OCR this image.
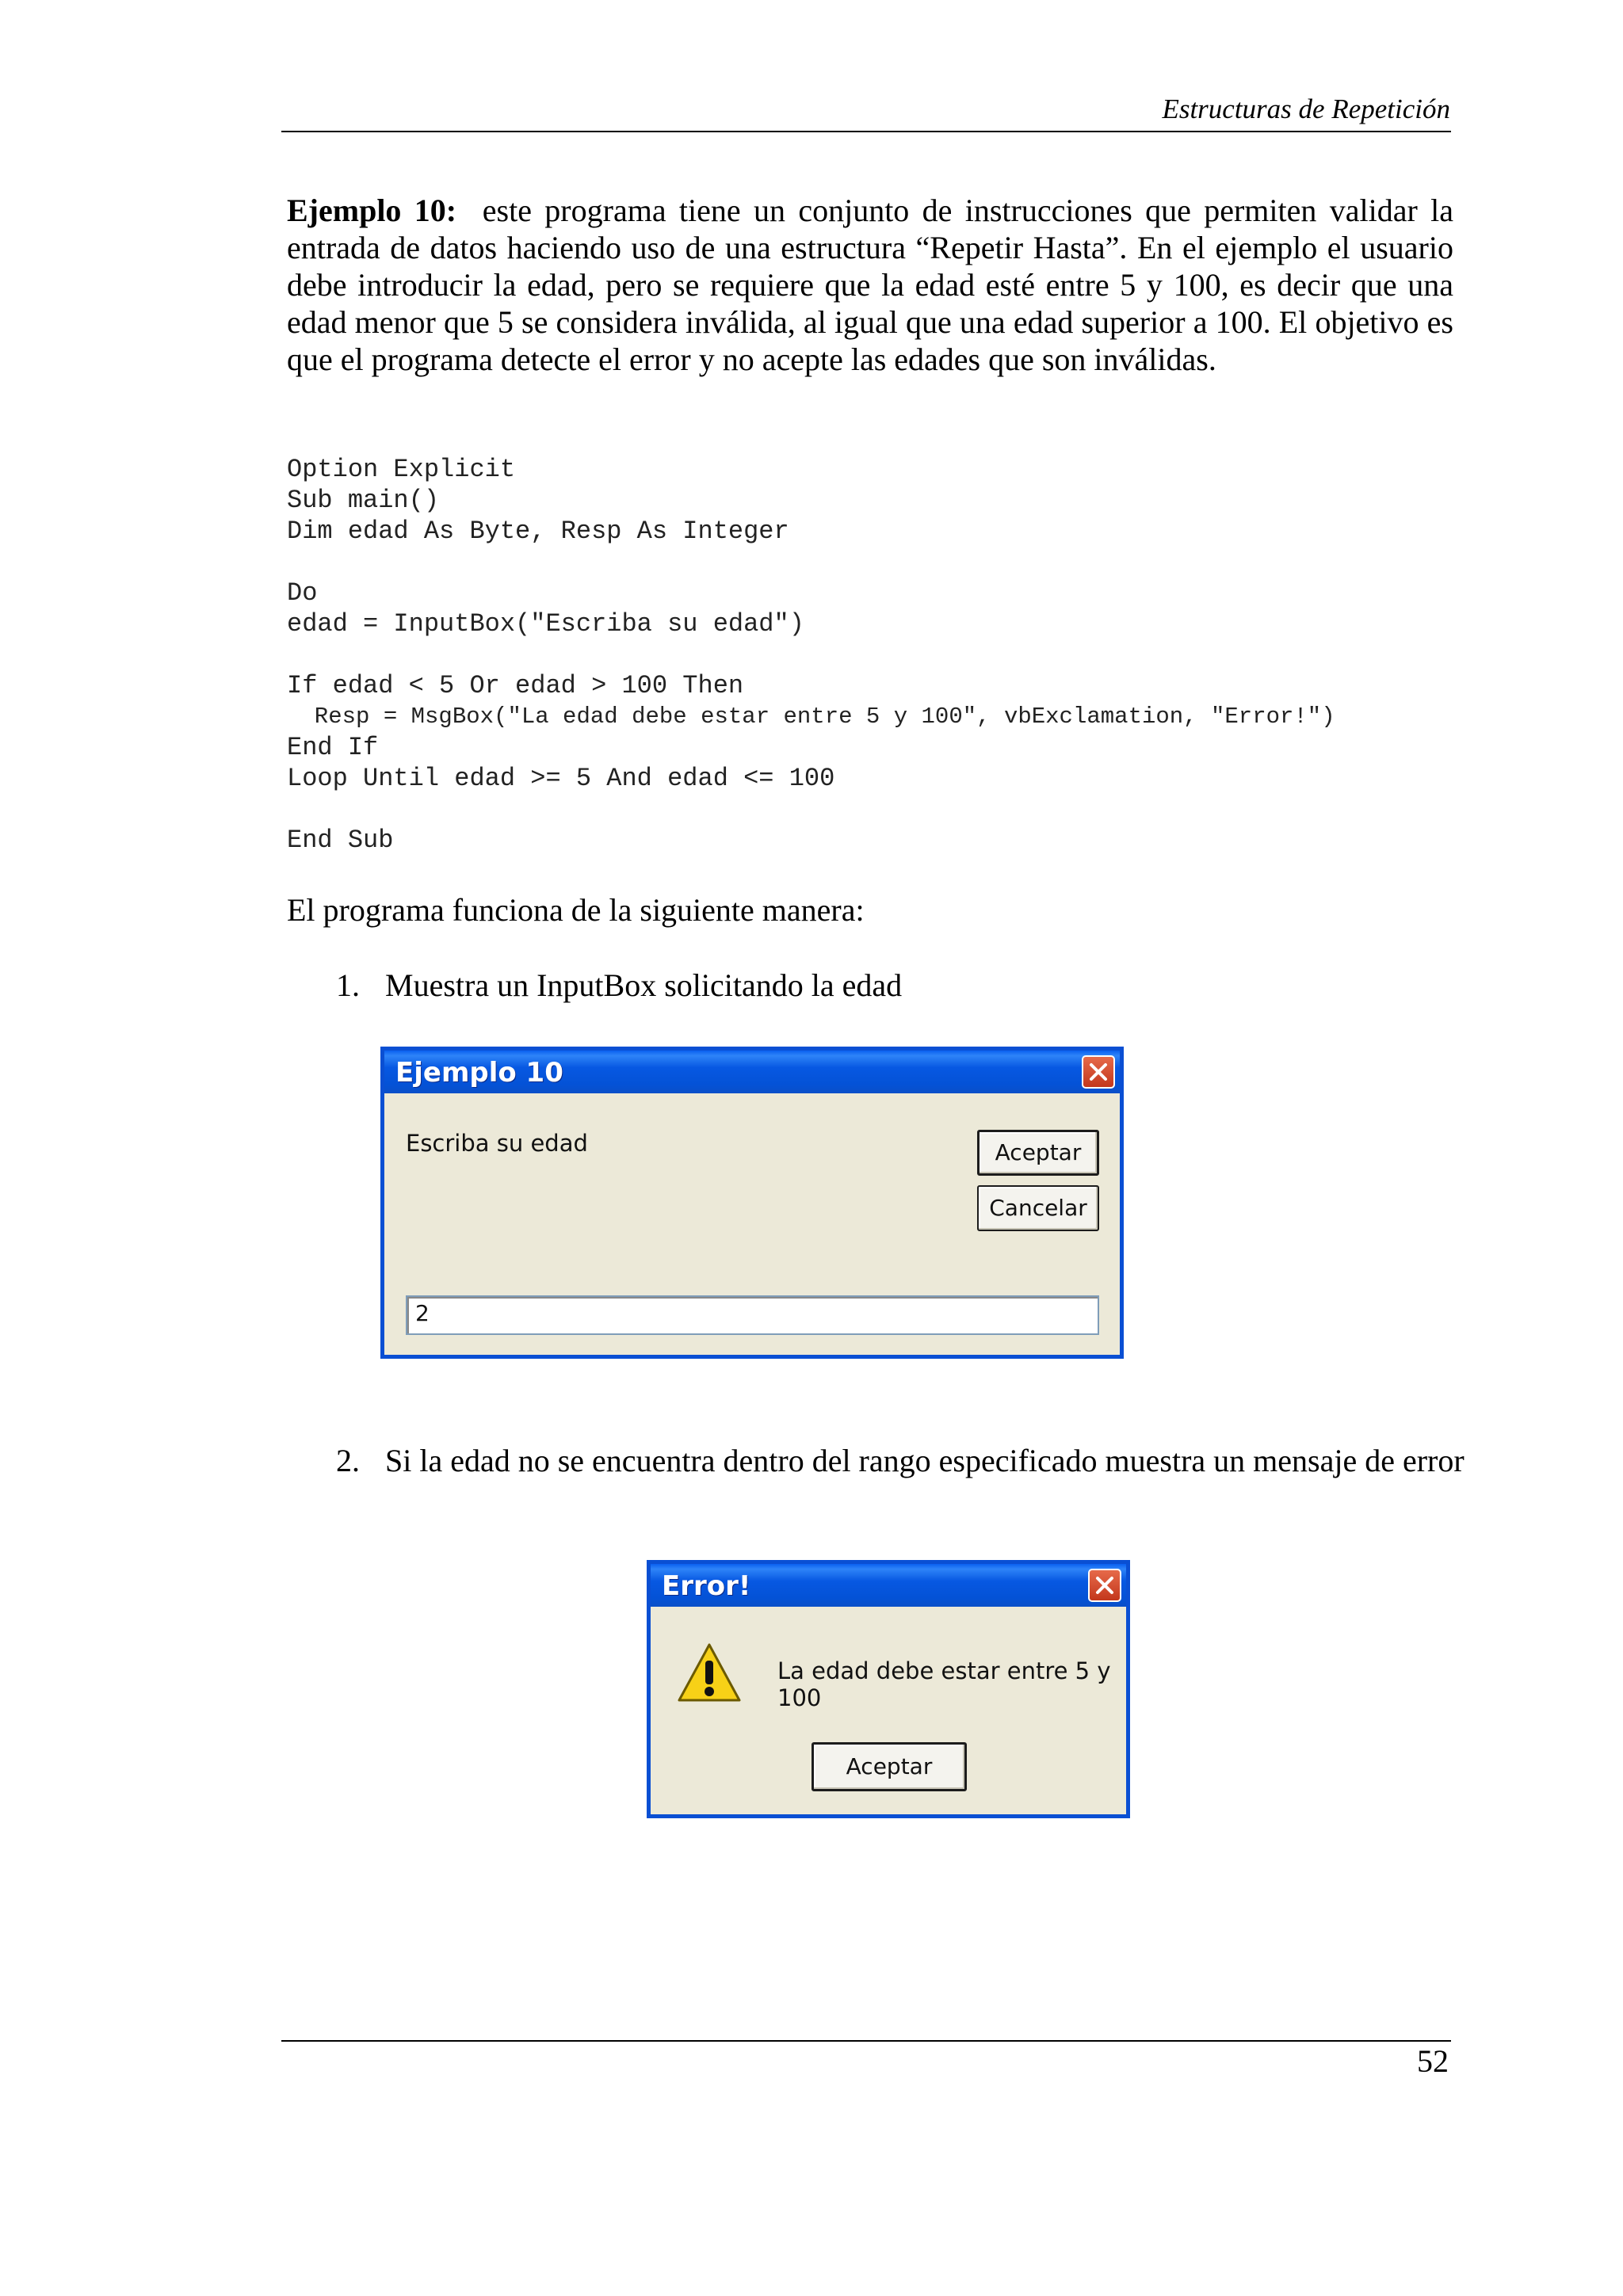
Estructuras de Repetición

Ejemplo 10: este programa tiene un conjunto de instrucciones que permiten validar la entrada de datos haciendo uso de una estructura “Repetir Hasta”. En el ejemplo el usuario debe introducir la edad, pero se requiere que la edad esté entre 5 y 100, es decir que una edad menor que 5 se considera inválida, al igual que una edad superior a 100. El objetivo es que el programa detecte el error y no acepte las edades que son inválidas.

Option Explicit
Sub main()
Dim edad As Byte, Resp As Integer
Do
edad = InputBox("Escriba su edad")
If edad < 5 Or edad > 100 Then
Resp = MsgBox("La edad debe estar entre 5 y 100", vbExclamation, "Error!")
End If
Loop Until edad >= 5 And edad <= 100
End Sub

El programa funciona de la siguiente manera:

1. Muestra un InputBox solicitando la edad
Ejemplo 10
Escriba su edad	Aceptar
Cancelar
2
2. Si la edad no se encuentra dentro del rango especificado muestra un mensaje de error
Error!
La edad debe estar entre 5 y 100
Aceptar
52
